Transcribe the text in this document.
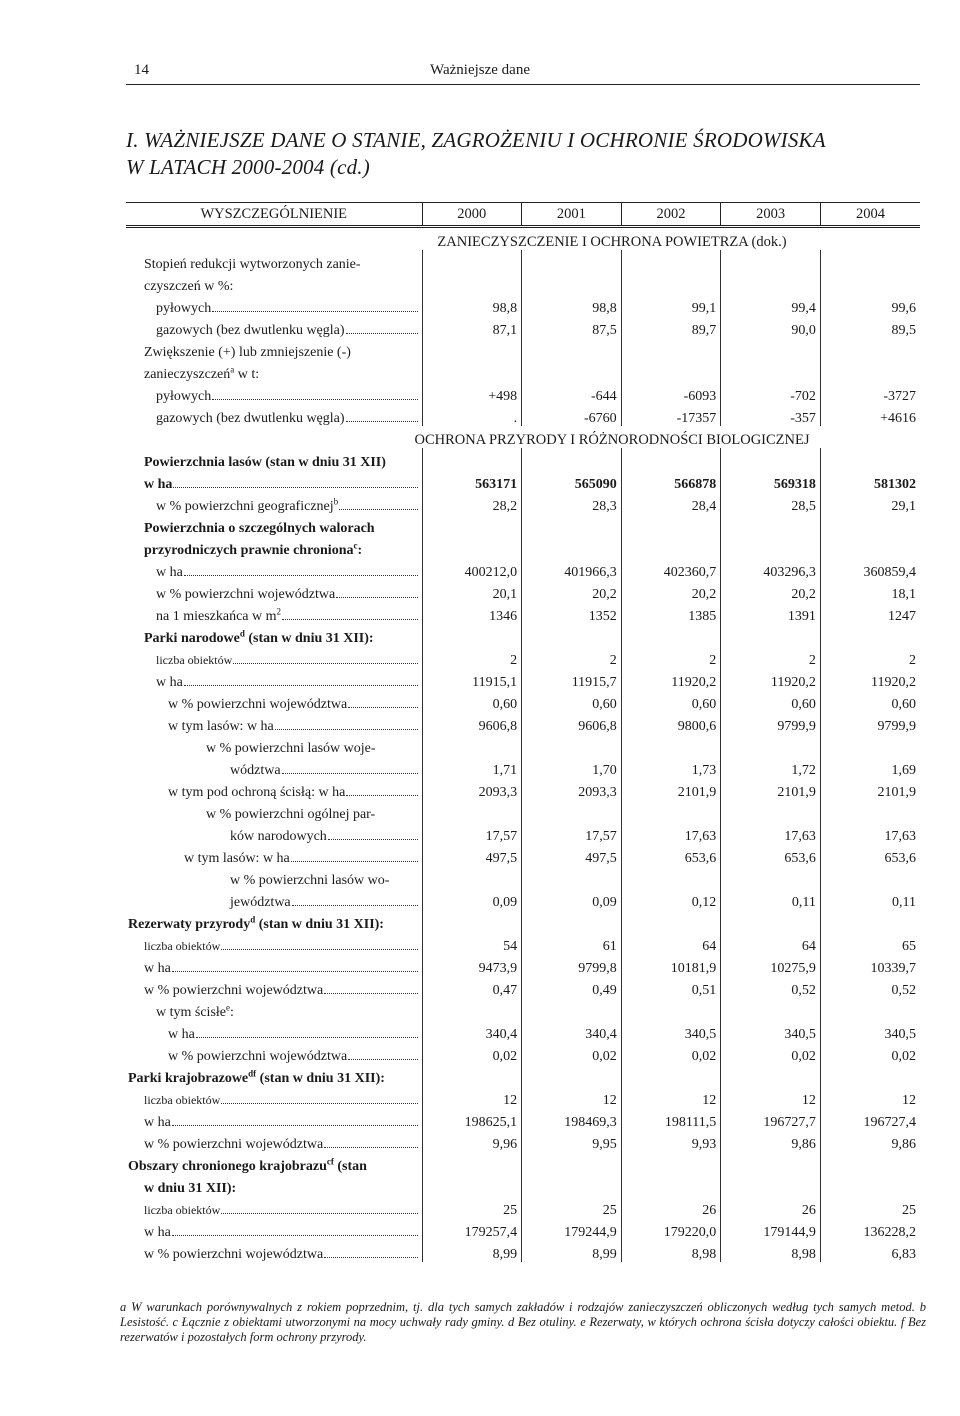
14	Ważniejsze dane
I. WAŻNIEJSZE DANE O STANIE, ZAGROŻENIU I OCHRONIE ŚRODOWISKA
W LATACH 2000-2004 (cd.)
WYSZCZEGÓLNIENIE	2000	2001	2002	2003	2004
ZANIECZYSZCZENIE I OCHRONA POWIETRZA (dok.)					

Stopień redukcji wytworzonych zanie-					

czyszczeń w %:					

pyłowych	98,8	98,8	99,1	99,4	99,6

gazowych (bez dwutlenku węgla)	87,1	87,5	89,7	90,0	89,5

Zwiększenie (+) lub zmniejszenie (-)					

zanieczyszczeń$^a$ w t:					

pyłowych	+498	-644	-6093	-702	-3727

gazowych (bez dwutlenku węgla)	.	-6760	-17357	-357	+4616
OCHRONA PRZYRODY I RÓŻNORODNOŚCI BIOLOGICZNEJ					

Powierzchnia lasów (stan w dniu 31 XII)					

w ha	563171	565090	566878	569318	581302

w % powierzchni geograficznej$^b$	28,2	28,3	28,4	28,5	29,1

Powierzchnia o szczególnych walorach					

przyrodniczych prawnie chroniona$^c$:					

w ha	400212,0	401966,3	402360,7	403296,3	360859,4

w % powierzchni województwa	20,1	20,2	20,2	20,2	18,1

na 1 mieszkańca w $m^2$	1346	1352	1385	1391	1247

Parki narodowe$^d$ (stan w dniu 31 XII):					

liczba obiektów	2	2	2	2	2

w ha	11915,1	11915,7	11920,2	11920,2	11920,2

w % powierzchni województwa	0,60	0,60	0,60	0,60	0,60

w tym lasów: w ha	9606,8	9606,8	9800,6	9799,9	9799,9

w % powierzchni lasów woje-					

wództwa	1,71	1,70	1,73	1,72	1,69

w tym pod ochroną ścisłą: w ha	2093,3	2093,3	2101,9	2101,9	2101,9

w % powierzchni ogólnej par-					

ków narodowych	17,57	17,57	17,63	17,63	17,63

w tym lasów: w ha	497,5	497,5	653,6	653,6	653,6

w % powierzchni lasów wo-					

jewództwa	0,09	0,09	0,12	0,11	0,11

Rezerwaty przyrody$^d$ (stan w dniu 31 XII):					

liczba obiektów	54	61	64	64	65

w ha	9473,9	9799,8	10181,9	10275,9	10339,7

w % powierzchni województwa	0,47	0,49	0,51	0,52	0,52

w tym ścisłe$^e$:					

w ha	340,4	340,4	340,5	340,5	340,5

w % powierzchni województwa	0,02	0,02	0,02	0,02	0,02

Parki krajobrazowe$^{df}$ (stan w dniu 31 XII):					

liczba obiektów	12	12	12	12	12

w ha	198625,1	198469,3	198111,5	196727,7	196727,4

w % powierzchni województwa	9,96	9,95	9,93	9,86	9,86

Obszary chronionego krajobrazu$^{cf}$ (stan					

w dniu 31 XII):					

liczba obiektów	25	25	26	26	25

w ha	179257,4	179244,9	179220,0	179144,9	136228,2

w % powierzchni województwa	8,99	8,99	8,98	8,98	6,83
a W warunkach porównywalnych z rokiem poprzednim, tj. dla tych samych zakładów i rodzajów zanieczyszczeń obliczonych według tych samych metod. b Lesistość. c Łącznie z obiektami utworzonymi na mocy uchwały rady gminy. d Bez otuliny. e Rezerwaty, w których ochrona ścisła dotyczy całości obiektu. f Bez rezerwatów i pozostałych form ochrony przyrody.
